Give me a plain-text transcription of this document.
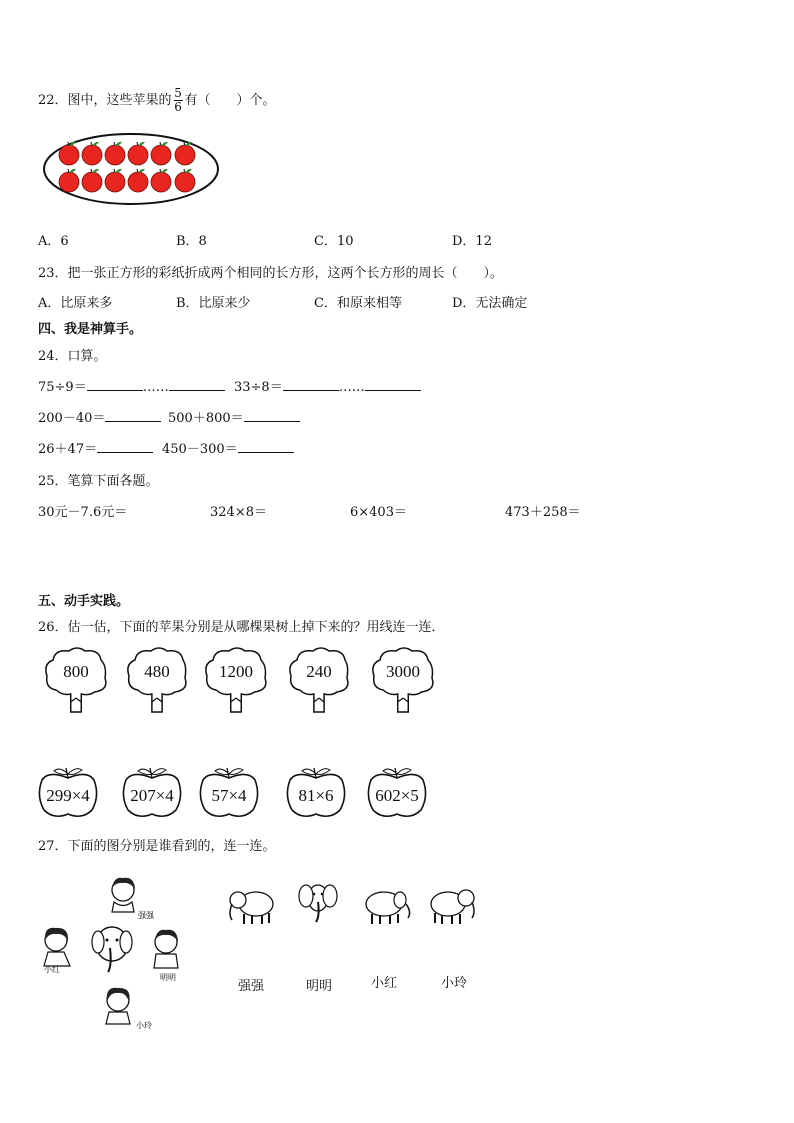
22．图中，这些苹果的 $\frac{5}{6}$ 有（　　）个。
A．6	B．8	C．10	D．12
23．把一张正方形的彩纸折成两个相同的长方形，这两个长方形的周长（　　）。
A．比原来多	B．比原来少	C．和原来相等	D．无法确定
四、我是神算手。
24．口算。
75÷9＝	……	33÷8＝	……
200－40＝	500＋800＝
26＋47＝	450－300＝
25．笔算下面各题。
30元－7.6元＝	324×8＝	6×403＝	473＋258＝
五、动手实践。
26．估一估，下面的苹果分别是从哪棵果树上掉下来的？用线连一连．
800	480	1200	240	3000
299×4	207×4	57×4	81×6	602×5
27．下面的图分别是谁看到的，连一连。
强强
小红
明明
小玲
强强	明明	小红	小玲
